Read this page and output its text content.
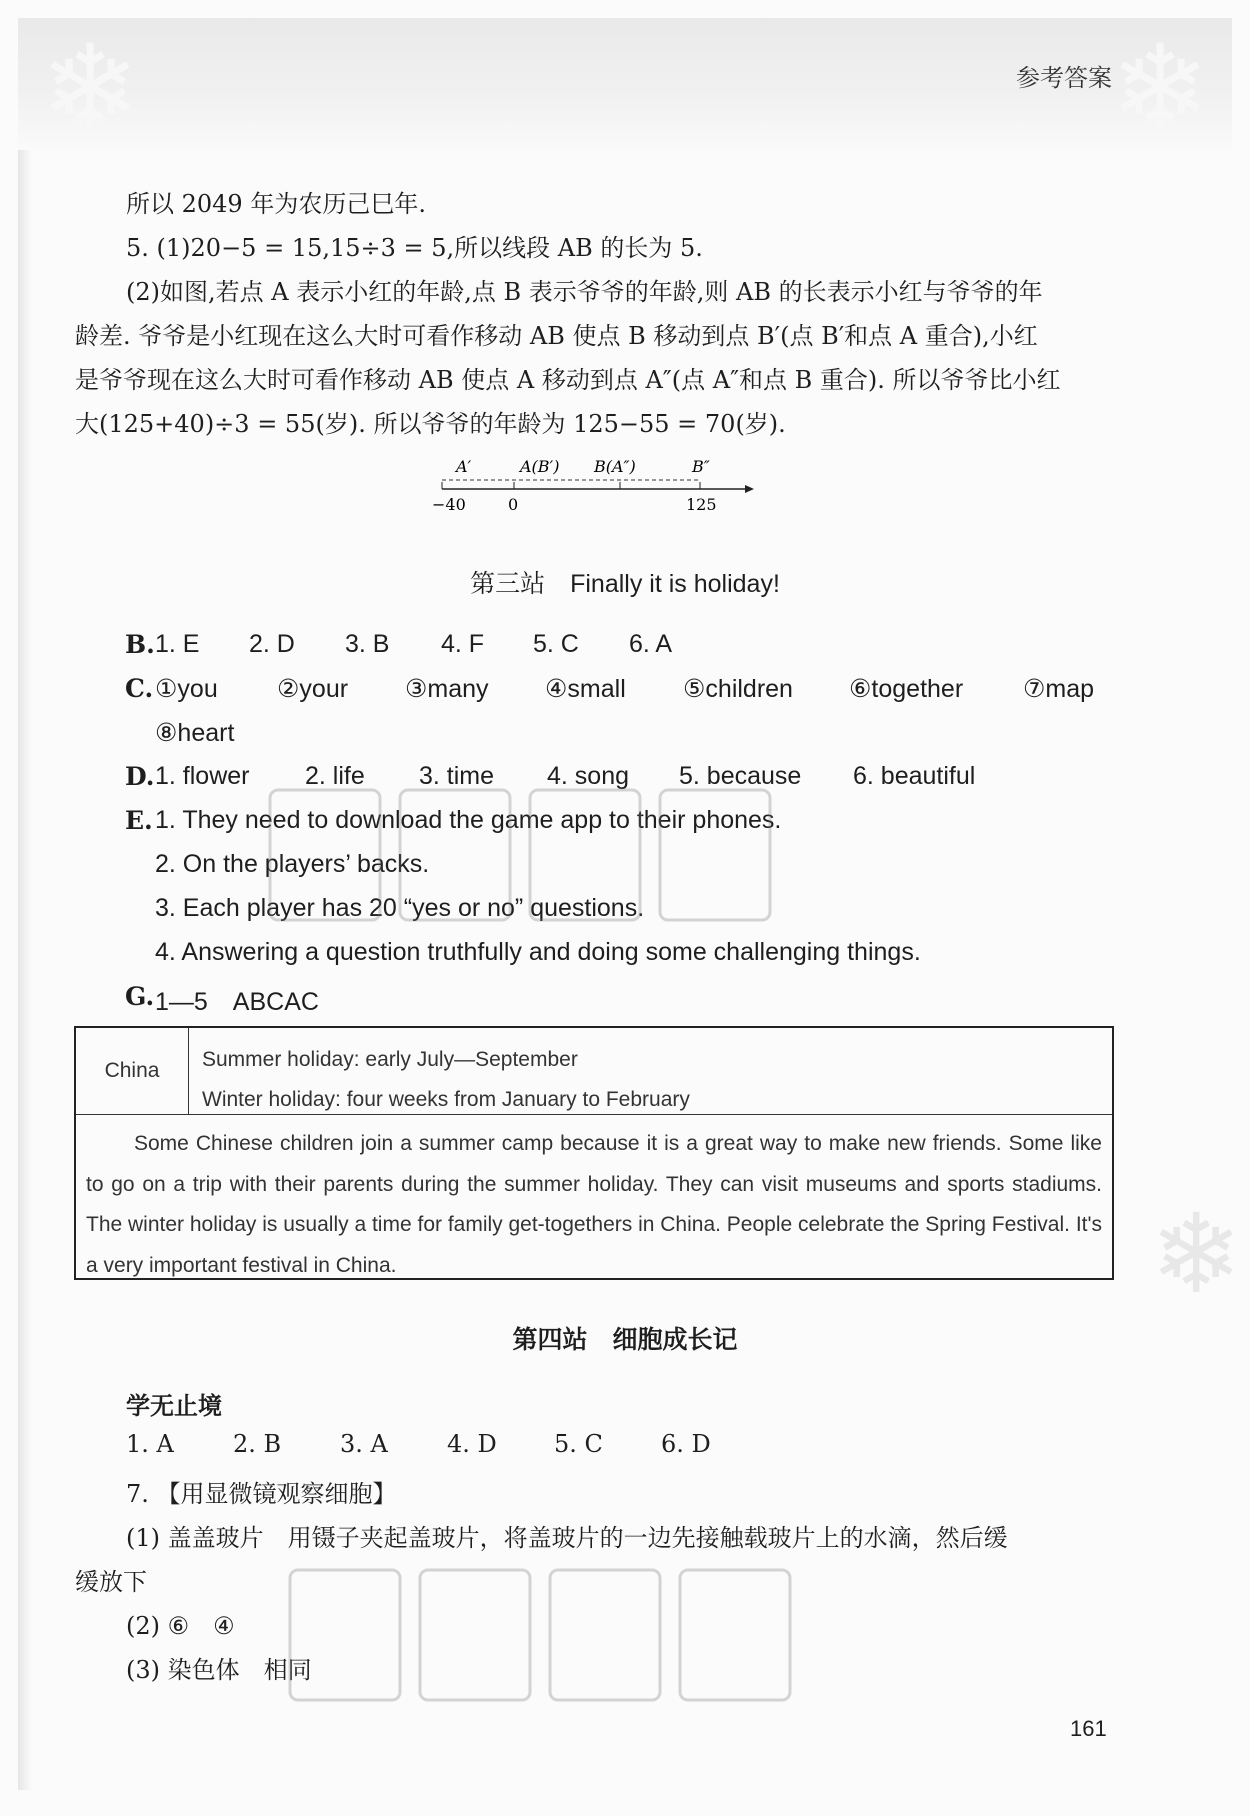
❄	❄
❄
参考答案
所以 2049 年为农历己巳年.
5. (1)20−5 = 15,15÷3 = 5,所以线段 AB 的长为 5.
(2)如图,若点 A 表示小红的年龄,点 B 表示爷爷的年龄,则 AB 的长表示小红与爷爷的年
龄差. 爷爷是小红现在这么大时可看作移动 AB 使点 B 移动到点 B′(点 B′和点 A 重合),小红
是爷爷现在这么大时可看作移动 AB 使点 A 移动到点 A″(点 A″和点 B 重合). 所以爷爷比小红
大(125+40)÷3 = 55(岁). 所以爷爷的年龄为 125−55 = 70(岁).
A′	A(B′) B(A″)	B″
−40	0	125
第三站　Finally it is holiday!
B. 1. E 2. D 3. B 4. F 5. C 6. A
C. ①you ②your ③many ④small ⑤children ⑥together ⑦map
⑧heart
D. 1. flower 2. life 3. time 4. song 5. because 6. beautiful
E. 1. They need to download the game app to their phones.
2. On the players’ backs.
3. Each player has 20 “yes or no” questions.
4. Answering a question truthfully and doing some challenging things.
G. 1—5　ABCAC
China	Summer holiday: early July—September
Winter holiday: four weeks from January to February
Some Chinese children join a summer camp because it is a great way to make new friends. Some like to go on a trip with their parents during the summer holiday. They can visit museums and sports stadiums. The winter holiday is usually a time for family get-togethers in China. People celebrate the Spring Festival. It's a very important festival in China.
第四站　细胞成长记
学无止境
1. A 2. B 3. A 4. D 5. C 6. D
7. 【用显微镜观察细胞】
(1) 盖盖玻片　用镊子夹起盖玻片，将盖玻片的一边先接触载玻片上的水滴，然后缓
缓放下
(2) ⑥　④
(3) 染色体　相同
161
